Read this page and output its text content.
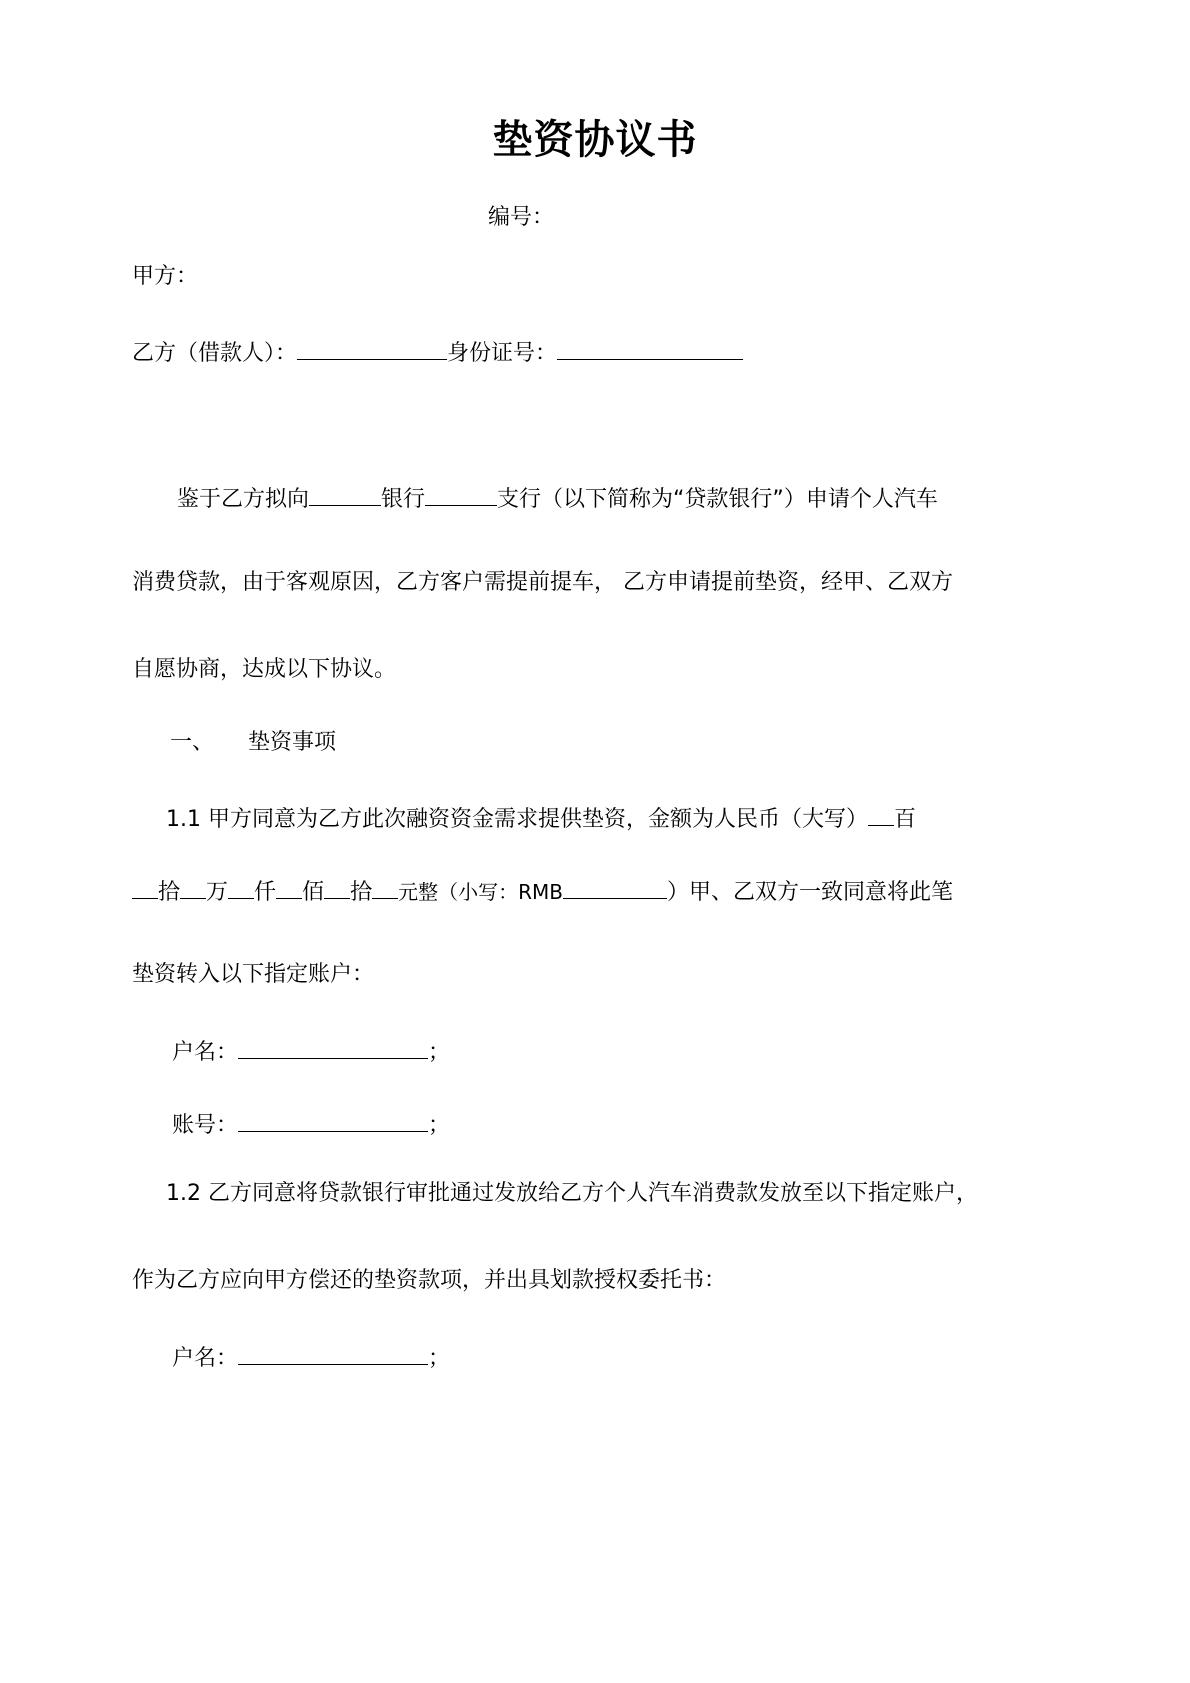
垫资协议书
编号：
甲方：
乙方（借款人）：	身份证号：
鉴于乙方拟向	银行	支行（以下简称为“贷款银行”）申请个人汽车
消费贷款，由于客观原因，乙方客户需提前提车， 乙方申请提前垫资，经甲、乙双方
自愿协商，达成以下协议。
一、 垫资事项
1.1 甲方同意为乙方此次融资资金需求提供垫资，金额为人民币（大写） 百
拾 万 仟 佰 拾 元整（小写：RMB	）甲、乙双方一致同意将此笔
垫资转入以下指定账户：
户名：	；
账号：	；
1.2 乙方同意将贷款银行审批通过发放给乙方个人汽车消费款发放至以下指定账户，
作为乙方应向甲方偿还的垫资款项，并出具划款授权委托书：
户名：	；
